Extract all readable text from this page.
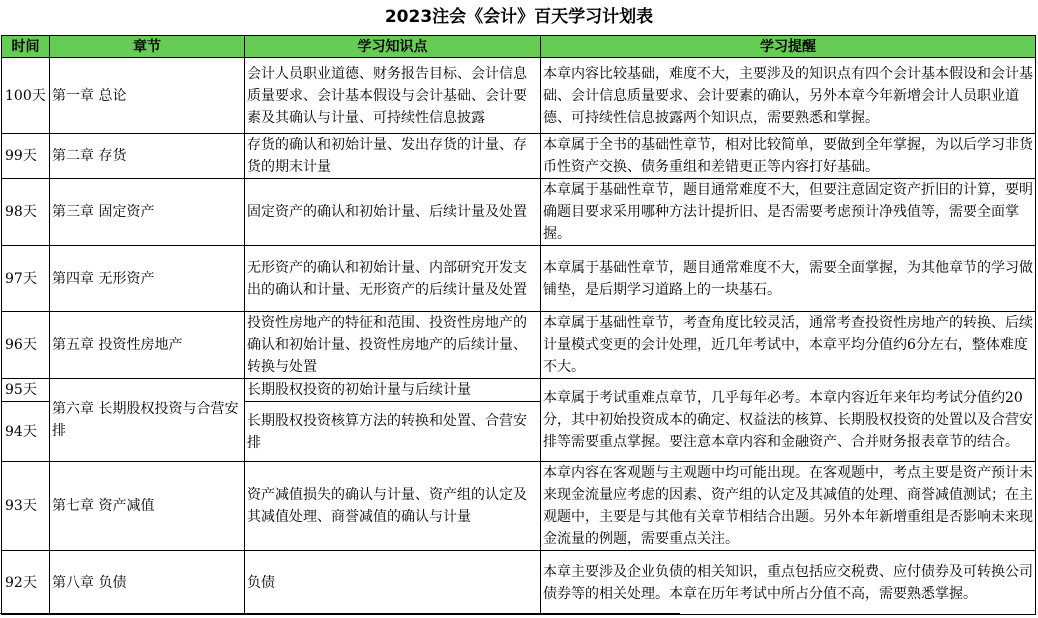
2023注会《会计》百天学习计划表
时间	章节	学习知识点	学习提醒
100天	第一章 总论	会计人员职业道德、财务报告目标、会计信息质量要求、会计基本假设与会计基础、会计要素及其确认与计量、可持续性信息披露	本章内容比较基础，难度不大，主要涉及的知识点有四个会计基本假设和会计基础、会计信息质量要求、会计要素的确认，另外本章今年新增会计人员职业道德、可持续性信息披露两个知识点，需要熟悉和掌握。
99天	第二章 存货	存货的确认和初始计量、发出存货的计量、存货的期末计量	本章属于全书的基础性章节，相对比较简单，要做到全年掌握，为以后学习非货币性资产交换、债务重组和差错更正等内容打好基础。
98天	第三章 固定资产	固定资产的确认和初始计量、后续计量及处置	本章属于基础性章节，题目通常难度不大，但要注意固定资产折旧的计算，要明确题目要求采用哪种方法计提折旧、是否需要考虑预计净残值等，需要全面掌握。
97天	第四章 无形资产	无形资产的确认和初始计量、内部研究开发支出的确认和计量、无形资产的后续计量及处置	本章属于基础性章节，题目通常难度不大，需要全面掌握，为其他章节的学习做铺垫，是后期学习道路上的一块基石。
96天	第五章 投资性房地产	投资性房地产的特征和范围、投资性房地产的确认和初始计量、投资性房地产的后续计量、转换与处置	本章属于基础性章节，考查角度比较灵活，通常考查投资性房地产的转换、后续计量模式变更的会计处理，近几年考试中，本章平均分值约6分左右，整体难度不大。
95天	第六章 长期股权投资与合营安排	长期股权投资的初始计量与后续计量	本章属于考试重难点章节，几乎每年必考。本章内容近年来年均考试分值约20分，其中初始投资成本的确定、权益法的核算、长期股权投资的处置以及合营安排等需要重点掌握。要注意本章内容和金融资产、合并财务报表章节的结合。
94天		长期股权投资核算方法的转换和处置、合营安排	
93天	第七章 资产减值	资产减值损失的确认与计量、资产组的认定及其减值处理、商誉减值的确认与计量	本章内容在客观题与主观题中均可能出现。在客观题中，考点主要是资产预计未来现金流量应考虑的因素、资产组的认定及其减值的处理、商誉减值测试；在主观题中，主要是与其他有关章节相结合出题。另外本年新增重组是否影响未来现金流量的例题，需要重点关注。
92天	第八章 负债	负债	本章主要涉及企业负债的相关知识，重点包括应交税费、应付债券及可转换公司债券等的相关处理。本章在历年考试中所占分值不高，需要熟悉掌握。
